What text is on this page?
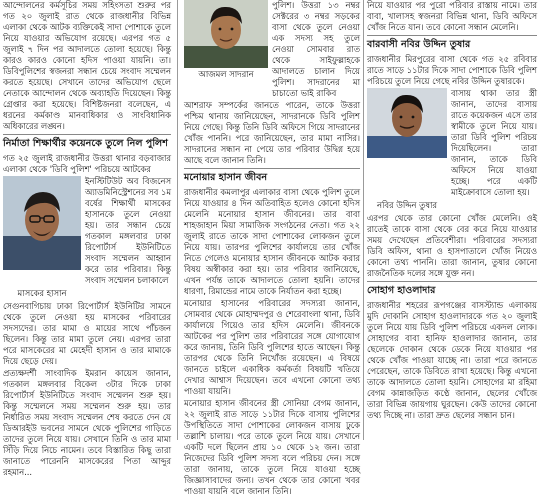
আন্দোলনের কর্মসূচির সময় সহিংসতা শুরুর পর গত ২০ জুলাই রাত থেকে রাজধানীর বিভিন্ন এলাকা থেকে আটক ব্যক্তিকেই সাদা পোশাকে তুলে নিয়ে যাওয়ার অভিযোগ রয়েছে। এরপর গত ৫ জুলাই ৭ দিন পর আদালতে তোলা হয়েছে। কিন্তু কারও কারও কোনো হদিস পাওয়া যায়নি। তা। ডিবিপুলিশের স্বজনরা সন্ধান চেয়ে সংবাদ সম্মেলন করতে হয়েছে। সেখানে তাদের অভিযোগ ছেলে নেতাকে আন্দোলন থেকে অব্যাহতি দিয়েছেন। কিন্তু গ্রেপ্তার করা হয়েছে। বিশিষ্টজনরা বলেছেন, এ ধরনের কর্মকাণ্ড মানবাধিকার ও সাংবিধানিক অধিকারের লঙ্ঘন।

নির্মাতা শিক্ষার্থীর কয়েনকে তুলে নিল পুলিশ

গত ২৫ জুলাই রাজধানীর উত্তরা থানার বড়বাজার এলাকা থেকে 'ডিবি পুলিশ' পরিচয়ে আটকের

ইনস্টিটিউট অব বিজনেস অ্যাডমিনিস্ট্রেশনের সব ১ম বর্ষের শিক্ষার্থী মাসকের হাসানকে তুলে নেওয়া হয়। তার সন্ধান চেয়ে গতকাল মঙ্গলবার ঢাকা রিপোর্টার্স ইউনিটিতে সংবাদ সম্মেলন আহ্বান করে তার পরিবার। কিন্তু সংবাদ সম্মেলন চলাকালে

মাসকের হাসান

সেগুনবাগিচায় ঢাকা রিপোর্টার্স ইউনিটির সামনে থেকে তুলে নেওয়া হয় মাসকের পরিবারের সদস্যদের। তার মামা ও মায়ের সাথে পাঁচজন ছিলেন। কিন্তু তার মামা তুলে নেয়। এরপর তারা পরে মাসকেরের মা মেহেদী হাসান ও তার মামাকে দিয়ে ছেড়ে দেয়।

প্রত্যক্ষদর্শী সাংবাদিক ইমরান কায়েস জানান, গতকাল মঙ্গলবার বিকেল ৩টার দিকে ঢাকা রিপোর্টার্স ইউনিটিতে সংবাদ সম্মেলন শুরু হয়। কিন্তু সম্মেলনে সময় সম্মেলন শুরু হয়। তার নির্ধারিত সময় সংবাদ সম্মেলন শেষ করতে দেন যে ডিআরইউ ভবনের সামনে থেকে পুলিশের গাড়িতে তাদের তুলে নিয়ে যায়। সেখানে তিনি ও তার মামা সিঁড়ি দিয়ে নিচে নামেন। তবে বিস্তারিত কিছু তারা জানাতে পারেননি মাসকেরের পিতা আব্দুর রহমান...

আজমল সাদরান

পুলিশ। উত্তরা ১৩ নম্বর সেক্টরের ৩ নম্বর সড়কের বাসা থেকে তুলে নেওয়া এক সদস্য সহ তুলে নেওয়া সোমবার রাত থেকে সাইফুল্লাহকে আদালতে চালান দিয়ে পুলিশ। সাদরানের মা চাচাতো ভাই রাকিব

আশরাফ সম্পর্কের জানতে পারেন, তাকে উত্তরা পশ্চিম থানায় জানিয়েছেন, সাদরানকে ডিবি পুলিশ নিয়ে গেছে। কিন্তু তিনি ডিবি অফিসে গিয়ে সাদরানের খোঁজ পাননি। পরে জানিয়েছেন, তার মামা নাসির। সাদরানের সন্ধান না পেয়ে তার পরিবার উদ্বিগ্ন হয়ে আছে বলে জানান তিনি।

মনোয়ার হাসান জীবন

রাজধানীর কমলাপুর এলাকার বাসা থেকে পুলিশ তুলে নিয়ে যাওয়ার ৪ দিন অতিবাহিত হলেও কোনো হদিস মেলেনি মনোয়ার হাসান জীবনের। তার বাবা শাহজাহান মিয়া সামাজিক সংগঠনের নেতা। গত ২২ জুলাই রাতে তাকে সাদা পোশাকের লোকজন তুলে নিয়ে যায়। তারপর পুলিশের কার্যালয়ে তার খোঁজ নিতে গেলেও মনোয়ার হাসান জীবনকে আটক করার বিষয় অস্বীকার করা হয়। তার পরিবার জানিয়েছে, এখন পর্যন্ত তাকে আদালতে তোলা হয়নি। তাদের ধারণা, রিমান্ডের নামে তাকে নির্যাতন করা হচ্ছে।

মনোয়ার হাসানের পরিবারের সদস্যরা জানান, সোমবার থেকে মোহাম্মদপুর ও শেরেবাংলা থানা, ডিবি কার্যালয়ে গিয়েও তার হদিস মেলেনি। জীবনকে আটকের পর পুলিশ তার পরিবারের সঙ্গে যোগাযোগ করে জানায়, তিনি ডিবি পুলিশের হাতে আছেন। কিন্তু তারপর থেকে তিনি নিখোঁজ রয়েছেন। এ বিষয়ে জানতে চাইলে একাধিক কর্মকর্তা বিষয়টি খতিয়ে দেখার আশ্বাস দিয়েছেন। তবে এখনো কোনো তথ্য পাওয়া যায়নি।

মনোয়ার হাসান জীবনের স্ত্রী সোনিয়া বেগম জানান, ২২ জুলাই রাত সাড়ে ১১টার দিকে বাসায় পুলিশের উপস্থিতিতে সাদা পোশাকের লোকজন বাসায় ঢুকে তল্লাশি চালায়। পরে তাকে তুলে নিয়ে যায়। সেখানে একটি দলে ছিলেন প্রায় ১০ থেকে ১২ জন। তারা নিজেদের ডিবি পুলিশ সদস্য বলে পরিচয় দেন। সঙ্গে তারা জানায়, তাকে তুলে নিয়ে যাওয়া হচ্ছে জিজ্ঞাসাবাদের জন্য। তখন থেকে তার কোনো খবর পাওয়া যায়নি বলে জানান তিনি।

নিয়ে যাওয়ার পর পুরো পরিবার রাস্তায় নামে। তার বাবা, খালাসহ স্বজনরা বিভিন্ন থানা, ডিবি অফিসে খোঁজ নিতে যান। তবে কোনো সন্ধান মেলেনি।

বারবাসী নবির উদ্দিন তুষার

রাজধানীর মিরপুরের বাসা থেকে গত ২৫ রবিবার রাতে সাড়ে ১১টার দিকে সাদা পোশাকে ডিবি পুলিশ পরিচয়ে তুলে নিয়ে গেছে নবির উদ্দিন তুষারকে।

বাসায় থাকা তার স্ত্রী জানান, তাদের বাসায় রাতে কয়েকজন এসে তার স্বামীকে তুলে নিয়ে যায়। তারা ডিবি পুলিশ পরিচয় দিয়েছিলেন। তারা জানান, তাকে ডিবি অফিসে নিয়ে যাওয়া হচ্ছে। পরে একটি মাইক্রোবাসে তোলা হয়।

নবির উদ্দিন তুষার

এরপর থেকে তার কোনো খোঁজ মেলেনি। ওই রাতেই তাকে বাসা থেকে বের করে নিয়ে যাওয়ার সময় দেখেছেন প্রতিবেশীরা। পরিবারের সদস্যরা ডিবি অফিস, থানা ও হাসপাতালে খোঁজ নিয়েও কোনো তথ্য পাননি। তারা জানান, তুষার কোনো রাজনৈতিক দলের সঙ্গে যুক্ত নন।

সোহাগ হাওলাদার

রাজধানীর শহরের রূপগঞ্জের বাসস্ট্যান্ড এলাকায় মুদি দোকানি সোহাগ হাওলাদারকে গত ২০ জুলাই তুলে নিয়ে যায় ডিবি পুলিশ পরিচয়ে একদল লোক। সোহাগের বাবা হানিফ হাওলাদার জানান, তার ছেলেকে দোকান থেকে ডেকে নিয়ে যাওয়ার পর থেকে খোঁজ পাওয়া যাচ্ছে না। তারা পরে জানতে পেরেছেন, তাকে ডিবিতে রাখা হয়েছে। কিন্তু এখনো তাকে আদালতে তোলা হয়নি। সোহাগের মা রহিমা বেগম কান্নাজড়িত কণ্ঠে জানান, ছেলের খোঁজে তারা বিভিন্ন জায়গায় ঘুরছেন। কেউ তাদের কোনো তথ্য দিচ্ছে না। তারা দ্রুত ছেলের সন্ধান চান।
